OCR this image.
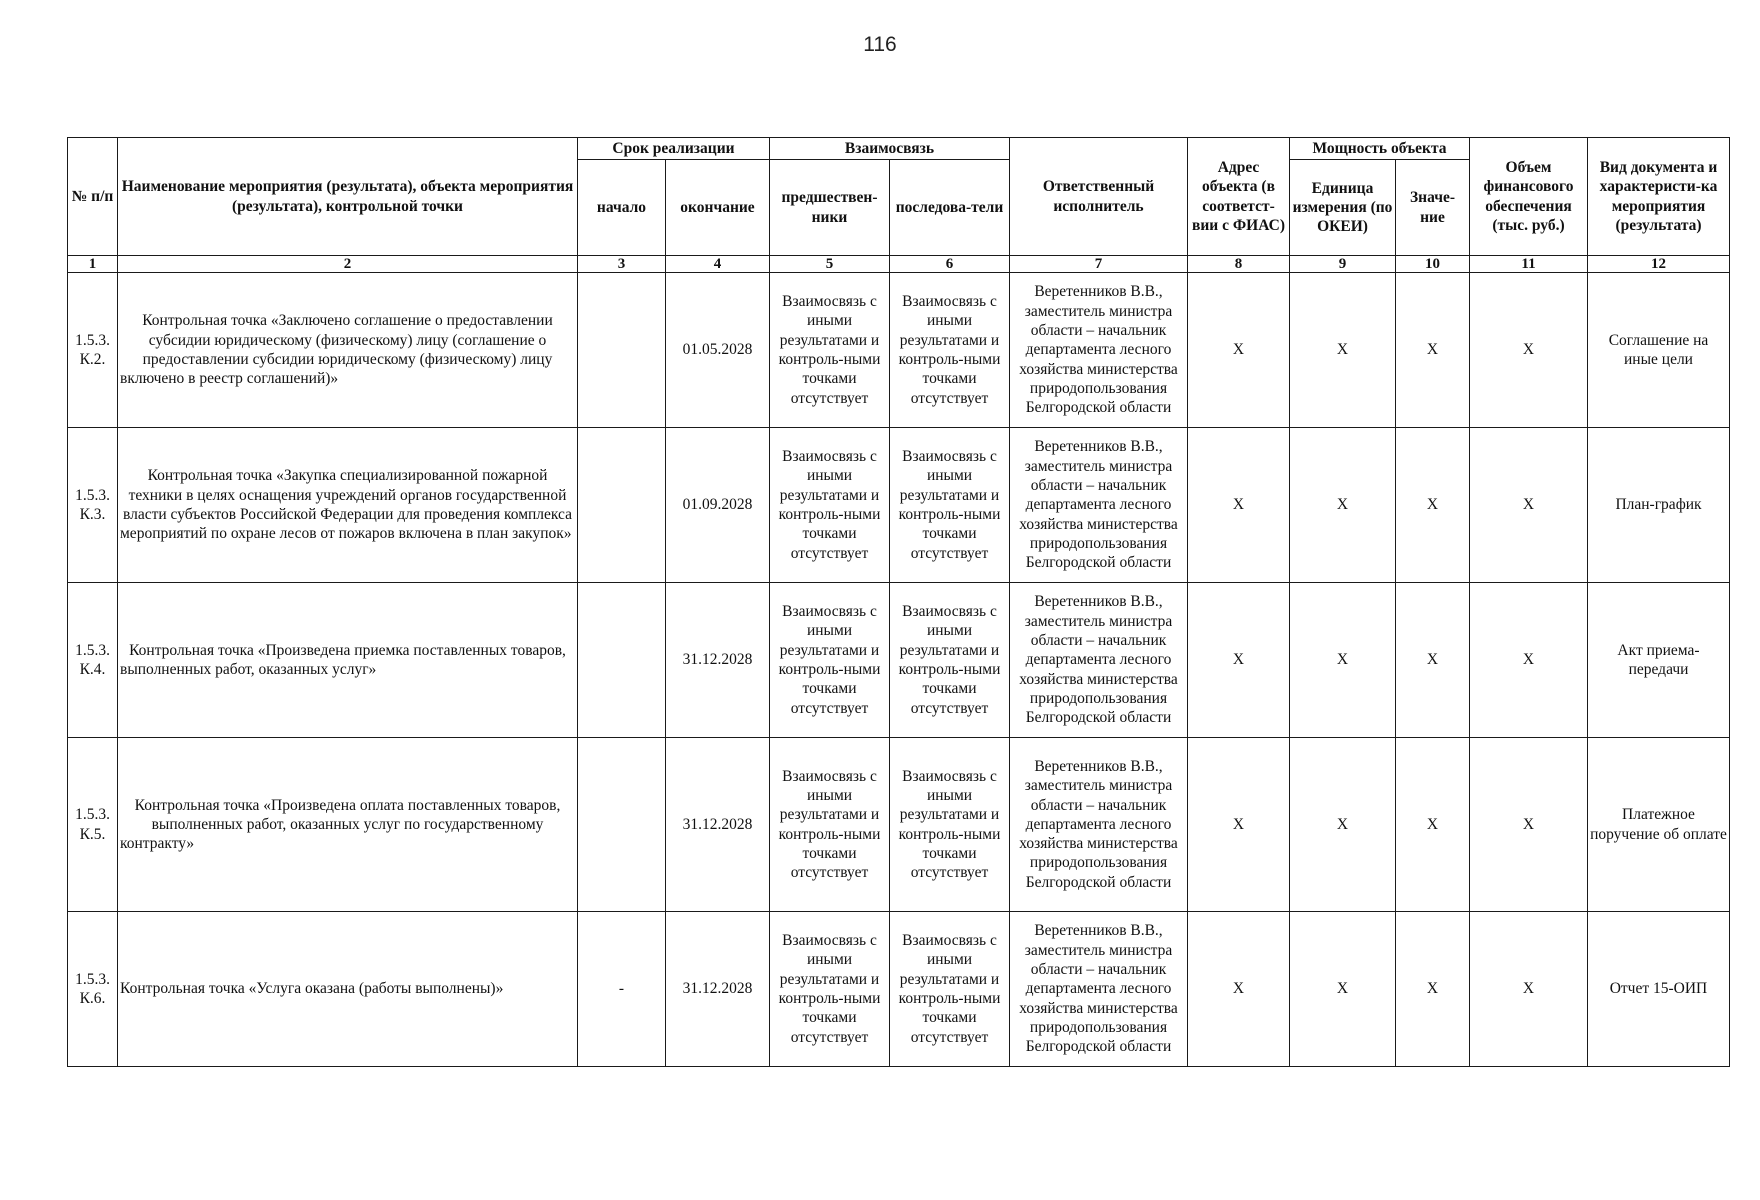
116
№ п/п	Наименование мероприятия (результата), объекта мероприятия (результата), контрольной точки	Срок реализации		Взаимосвязь		Ответственный исполнитель	Адрес объекта (в соответст-вии с ФИАС)	Мощность объекта		Объем финансового обеспечения (тыс. руб.)	Вид документа и характеристи-ка мероприятия (результата)
		начало	окончание	предшествен-ники	последова-тели			Единица измерения (по ОКЕИ)	Значе-ние		
1	2	3	4	5	6	7	8	9	10	11	12
1.5.3. К.2.	Контрольная точка «Заключено соглашение о предоставлении субсидии юридическому (физическому) лицу (соглашение о предоставлении субсидии юридическому (физическому) лицу включено в реестр соглашений)»		01.05.2028	Взаимосвязь с иными результатами и контроль-ными точками отсутствует	Взаимосвязь с иными результатами и контроль-ными точками отсутствует	Веретенников В.В., заместитель министра области – начальник департамента лесного хозяйства министерства природопользования Белгородской области	X	X	X	X	Соглашение на иные цели
1.5.3. К.3.	Контрольная точка «Закупка специализированной пожарной техники в целях оснащения учреждений органов государственной власти субъектов Российской Федерации для проведения комплекса мероприятий по охране лесов от пожаров включена в план закупок»		01.09.2028	Взаимосвязь с иными результатами и контроль-ными точками отсутствует	Взаимосвязь с иными результатами и контроль-ными точками отсутствует	Веретенников В.В., заместитель министра области – начальник департамента лесного хозяйства министерства природопользования Белгородской области	X	X	X	X	План-график
1.5.3. К.4.	Контрольная точка «Произведена приемка поставленных товаров, выполненных работ, оказанных услуг»		31.12.2028	Взаимосвязь с иными результатами и контроль-ными точками отсутствует	Взаимосвязь с иными результатами и контроль-ными точками отсутствует	Веретенников В.В., заместитель министра области – начальник департамента лесного хозяйства министерства природопользования Белгородской области	X	X	X	X	Акт приема-передачи
1.5.3. К.5.	Контрольная точка «Произведена оплата поставленных товаров, выполненных работ, оказанных услуг по государственному контракту»		31.12.2028	Взаимосвязь с иными результатами и контроль-ными точками отсутствует	Взаимосвязь с иными результатами и контроль-ными точками отсутствует	Веретенников В.В., заместитель министра области – начальник департамента лесного хозяйства министерства природопользования Белгородской области	X	X	X	X	Платежное поручение об оплате
1.5.3. К.6.	Контрольная точка «Услуга оказана (работы выполнены)»	-	31.12.2028	Взаимосвязь с иными результатами и контроль-ными точками отсутствует	Взаимосвязь с иными результатами и контроль-ными точками отсутствует	Веретенников В.В., заместитель министра области – начальник департамента лесного хозяйства министерства природопользования Белгородской области	X	X	X	X	Отчет 15-ОИП
